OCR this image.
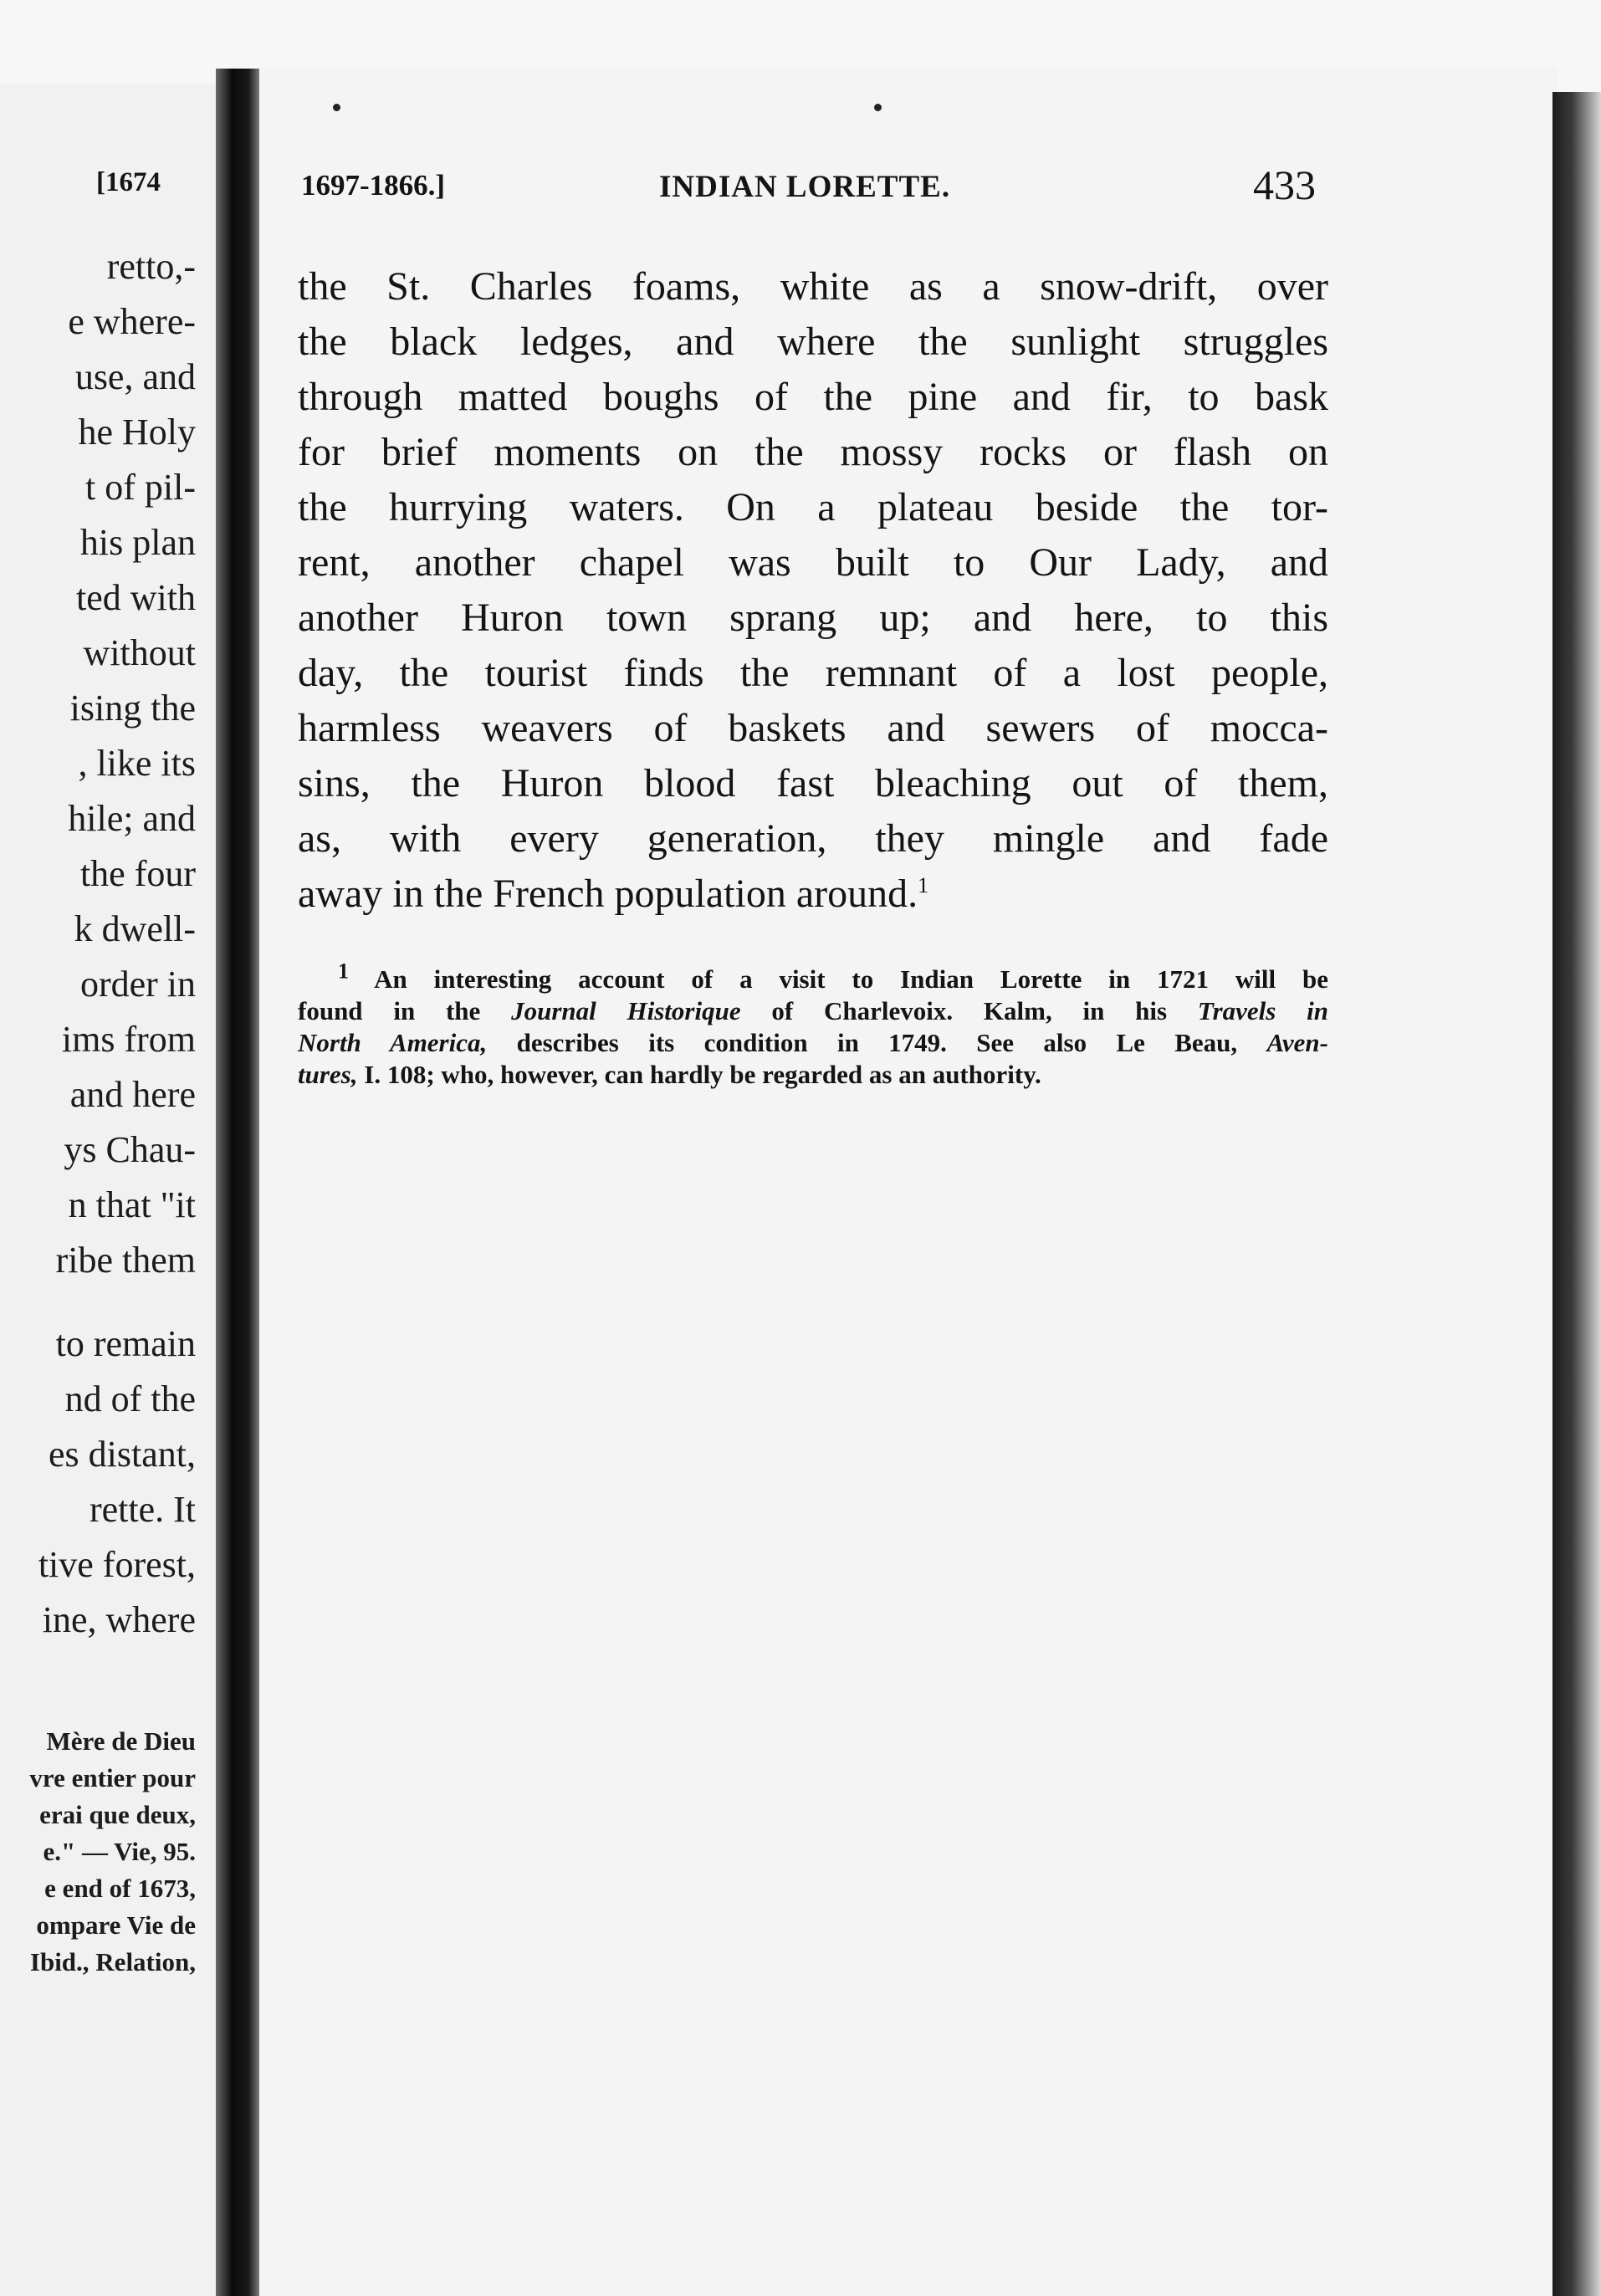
[1674
retto,-
e where-
use, and
he Holy
t of pil-
his plan
ted with
without
ising the
, like its
hile; and
the four
k dwell-
order in
ims from
and here
ys Chau-
n that "it
ribe them
to remain
nd of the
es distant,
rette. It
tive forest,
ine, where
Mère de Dieu
vre entier pour
erai que deux,
e." — Vie, 95.
e end of 1673,
ompare Vie de
Ibid., Relation,
1697-1866.]	INDIAN LORETTE.	433
the St. Charles foams, white as a snow-drift, over
the black ledges, and where the sunlight struggles
through matted boughs of the pine and fir, to bask
for brief moments on the mossy rocks or flash on
the hurrying waters. On a plateau beside the tor-
rent, another chapel was built to Our Lady, and
another Huron town sprang up; and here, to this
day, the tourist finds the remnant of a lost people,
harmless weavers of baskets and sewers of mocca-
sins, the Huron blood fast bleaching out of them,
as, with every generation, they mingle and fade
away in the French population around.$^1$
$^1$ An interesting account of a visit to Indian Lorette in 1721 will be
found in the Journal Historique of Charlevoix. Kalm, in his Travels in
North America, describes its condition in 1749. See also Le Beau, Aven-
tures, I. 108; who, however, can hardly be regarded as an authority.
